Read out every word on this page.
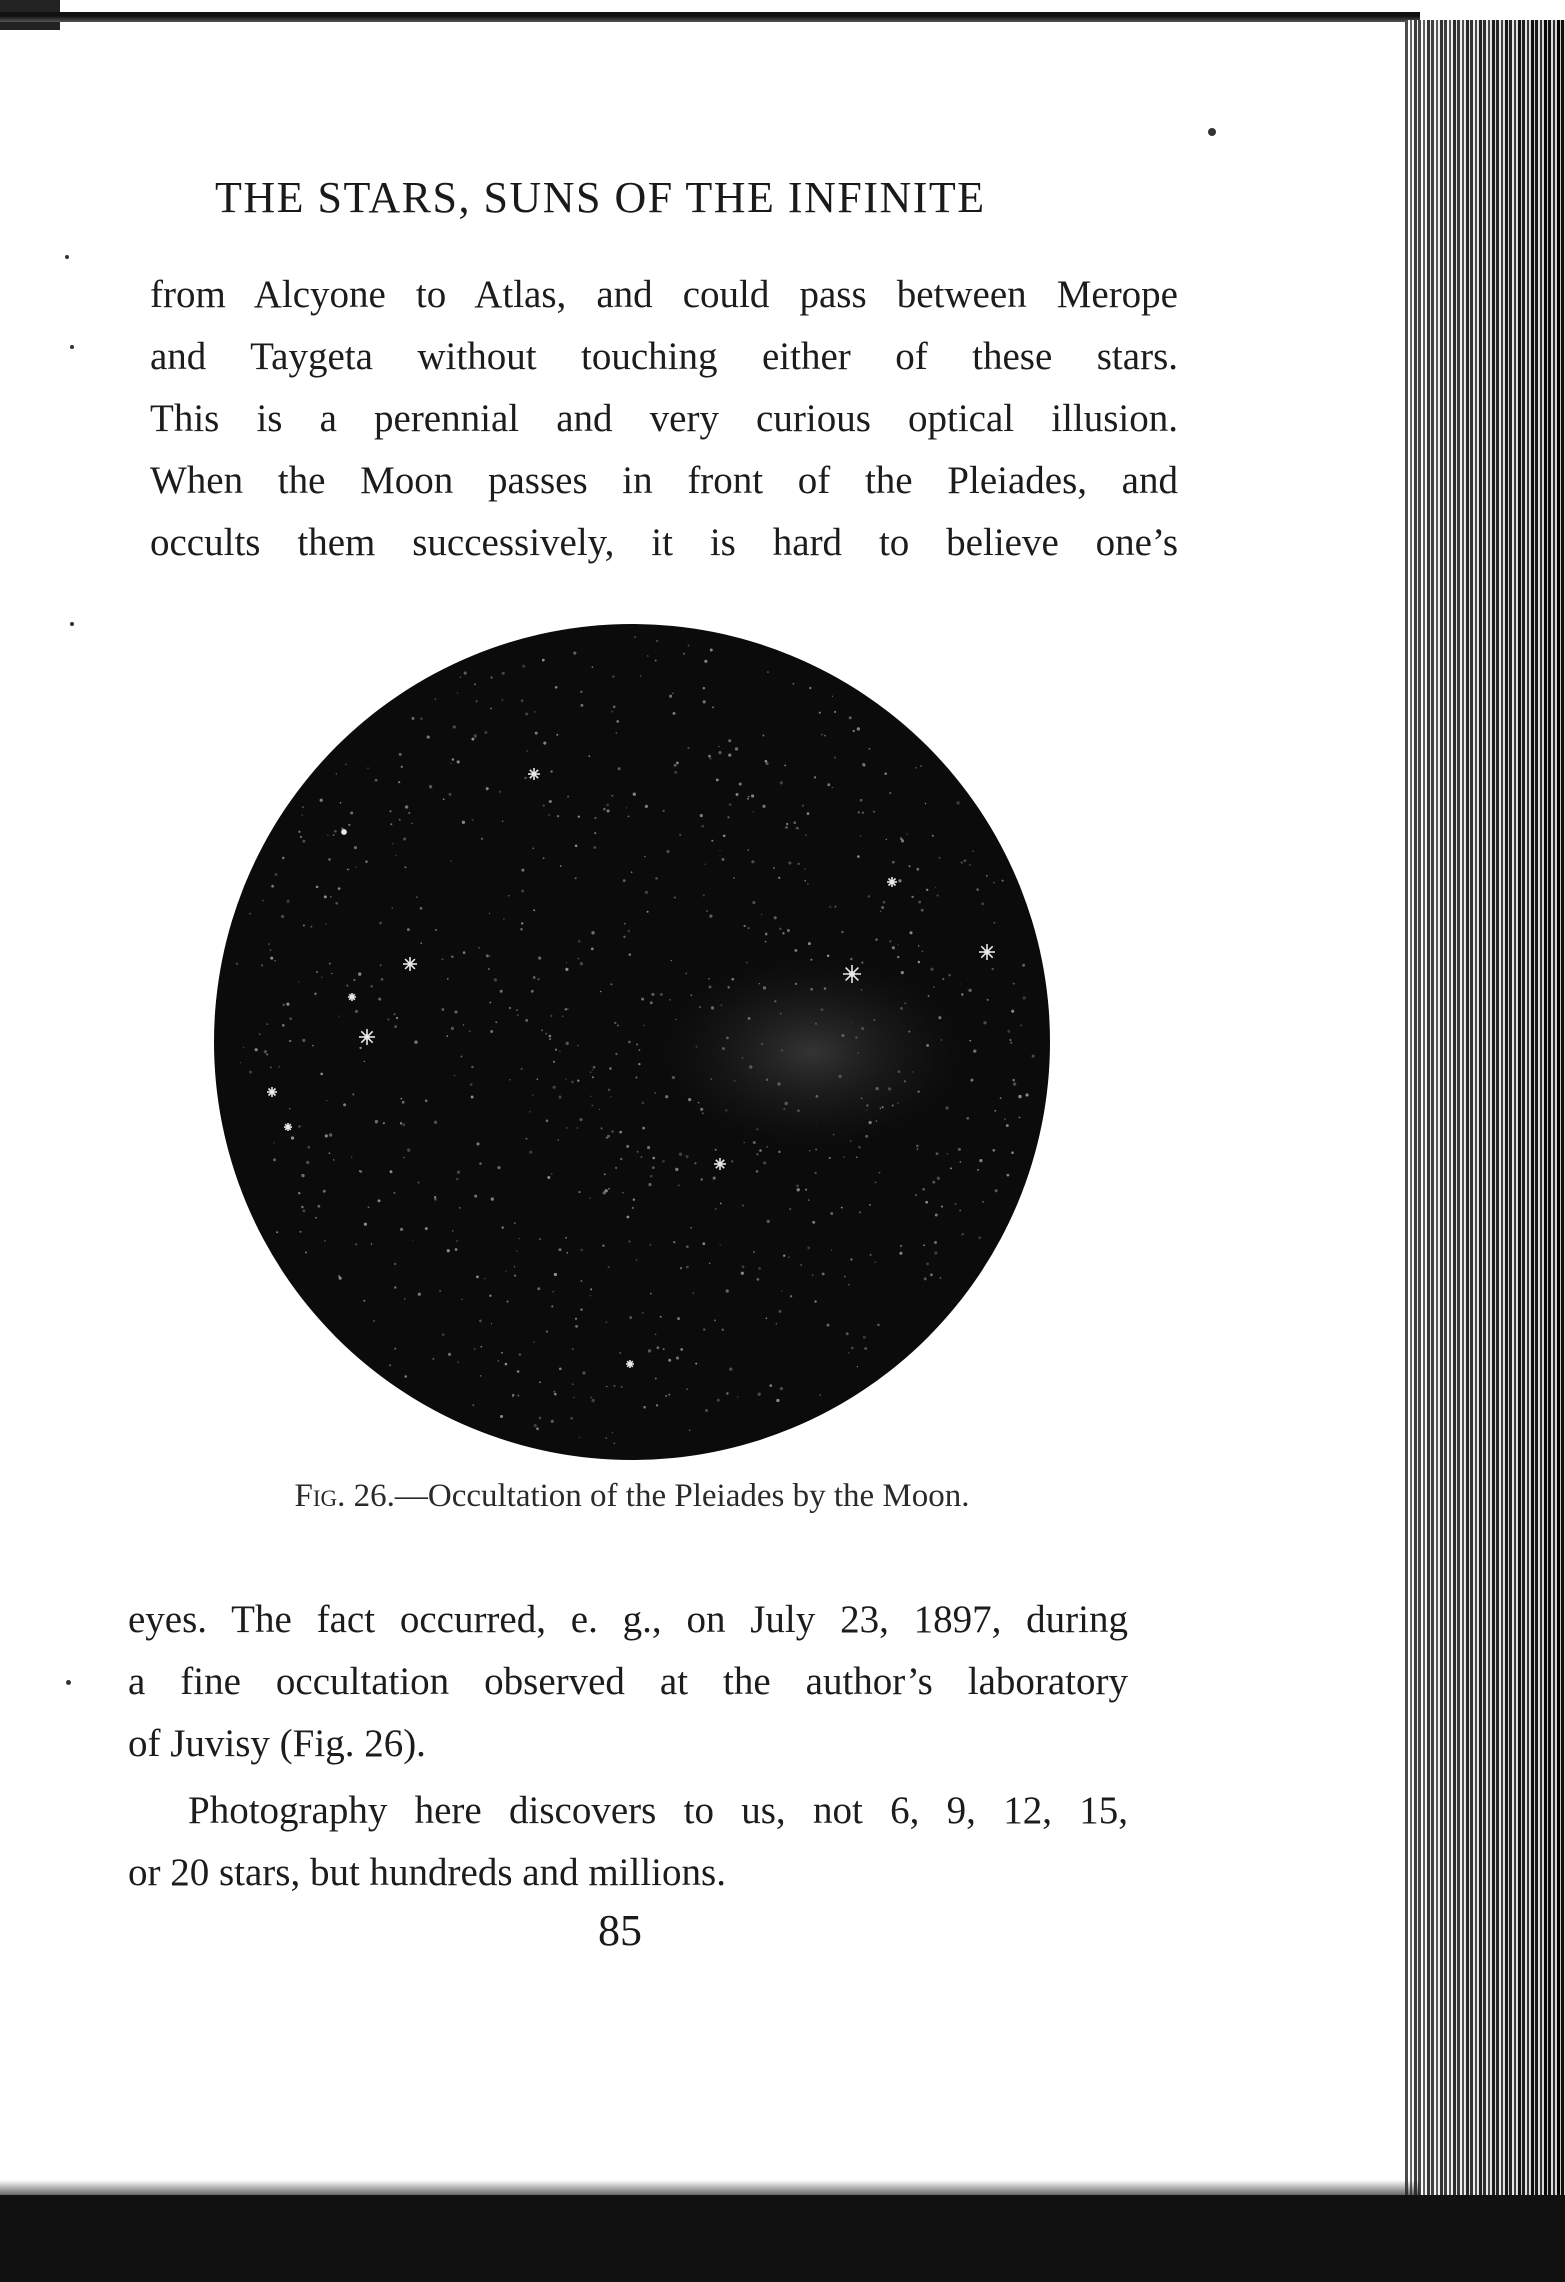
THE STARS, SUNS OF THE INFINITE
from Alcyone to Atlas, and could pass between Merope
and Taygeta without touching either of these stars.
This is a perennial and very curious optical illusion.
When the Moon passes in front of the Pleiades, and
occults them successively, it is hard to believe one’s
Fig. 26.—Occultation of the Pleiades by the Moon.
eyes. The fact occurred, e. g., on July 23, 1897, during
a fine occultation observed at the author’s laboratory
of Juvisy (Fig. 26).
Photography here discovers to us, not 6, 9, 12, 15,
or 20 stars, but hundreds and millions.
85
